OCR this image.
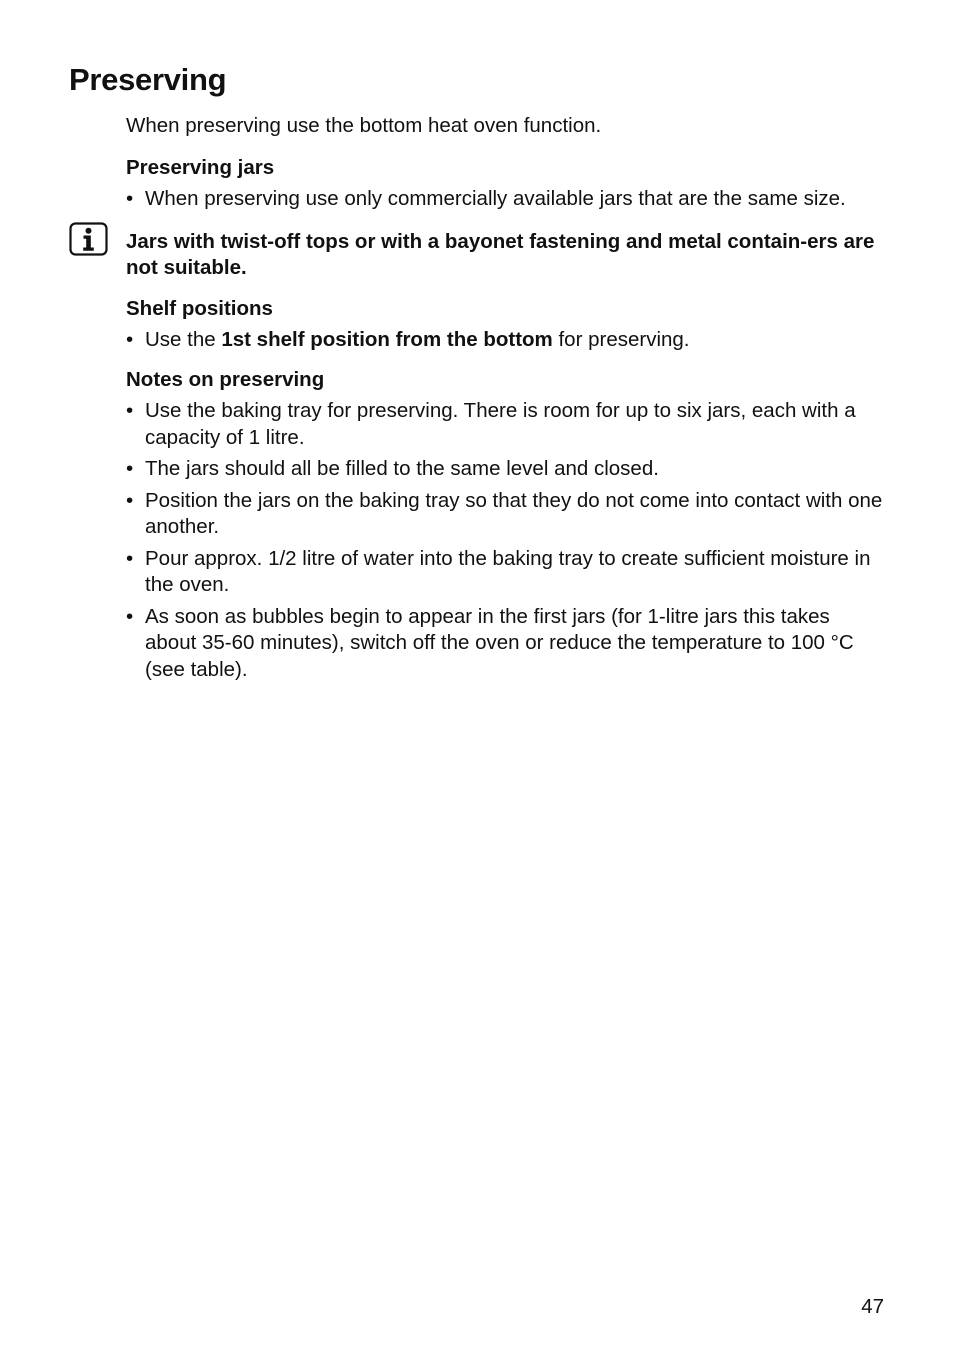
Preserving

When preserving use the bottom heat oven function.

Preserving jars

• When preserving use only commercially available jars that are the same size.
Jars with twist-off tops or with a bayonet fastening and metal contain-ers are not suitable.

Shelf positions

• Use the 1st shelf position from the bottom for preserving.

Notes on preserving

• Use the baking tray for preserving. There is room for up to six jars, each with a capacity of 1 litre.
• The jars should all be filled to the same level and closed.
• Position the jars on the baking tray so that they do not come into contact with one another.
• Pour approx. 1/2 litre of water into the baking tray to create sufficient moisture in the oven.
• As soon as bubbles begin to appear in the first jars (for 1-litre jars this takes about 35-60 minutes), switch off the oven or reduce the temperature to 100 °C (see table).
47
